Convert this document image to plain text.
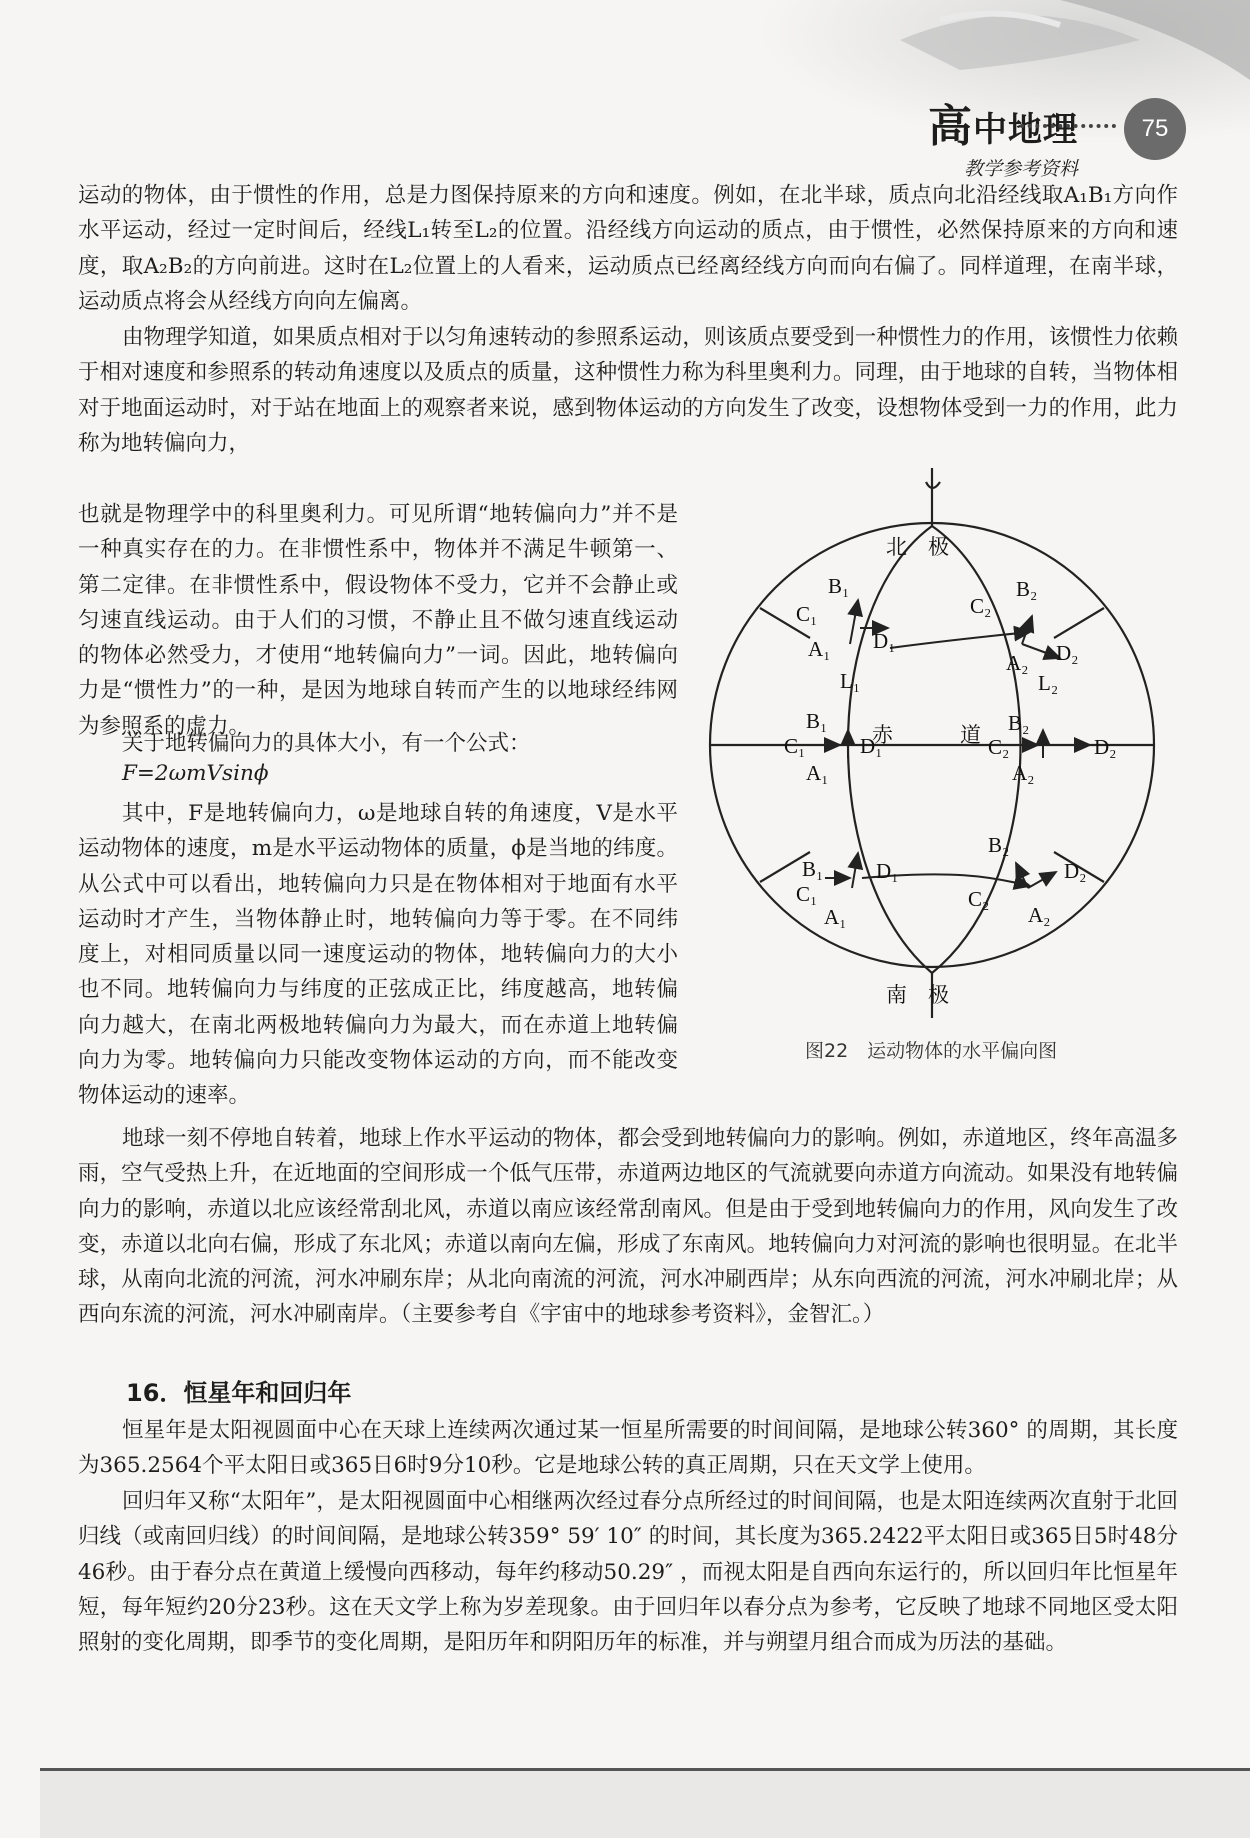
高中地理
教学参考资料
75

运动的物体，由于惯性的作用，总是力图保持原来的方向和速度。例如，在北半球，质点向北沿经线取A₁B₁方向作水平运动，经过一定时间后，经线L₁转至L₂的位置。沿经线方向运动的质点，由于惯性，必然保持原来的方向和速度，取A₂B₂的方向前进。这时在L₂位置上的人看来，运动质点已经离经线方向而向右偏了。同样道理，在南半球，运动质点将会从经线方向向左偏离。

由物理学知道，如果质点相对于以匀角速转动的参照系运动，则该质点要受到一种惯性力的作用，该惯性力依赖于相对速度和参照系的转动角速度以及质点的质量，这种惯性力称为科里奥利力。同理，由于地球的自转，当物体相对于地面运动时，对于站在地面上的观察者来说，感到物体运动的方向发生了改变，设想物体受到一力的作用，此力称为地转偏向力，

也就是物理学中的科里奥利力。可见所谓“地转偏向力”并不是一种真实存在的力。在非惯性系中，物体并不满足牛顿第一、第二定律。在非惯性系中，假设物体不受力，它并不会静止或匀速直线运动。由于人们的习惯，不静止且不做匀速直线运动的物体必然受力，才使用“地转偏向力”一词。因此，地转偏向力是“惯性力”的一种，是因为地球自转而产生的以地球经纬网为参照系的虚力。

关于地转偏向力的具体大小，有一个公式：

F=2ωmVsinϕ

其中，F是地转偏向力，ω是地球自转的角速度，V是水平运动物体的速度，m是水平运动物体的质量，ϕ是当地的纬度。从公式中可以看出，地转偏向力只是在物体相对于地面有水平运动时才产生，当物体静止时，地转偏向力等于零。在不同纬度上，对相同质量以同一速度运动的物体，地转偏向力的大小也不同。地转偏向力与纬度的正弦成正比，纬度越高，地转偏向力越大，在南北两极地转偏向力为最大，而在赤道上地转偏向力为零。地转偏向力只能改变物体运动的方向，而不能改变物体运动的速率。

地球一刻不停地自转着，地球上作水平运动的物体，都会受到地转偏向力的影响。例如，赤道地区，终年高温多雨，空气受热上升，在近地面的空间形成一个低气压带，赤道两边地区的气流就要向赤道方向流动。如果没有地转偏向力的影响，赤道以北应该经常刮北风，赤道以南应该经常刮南风。但是由于受到地转偏向力的作用，风向发生了改变，赤道以北向右偏，形成了东北风；赤道以南向左偏，形成了东南风。地转偏向力对河流的影响也很明显。在北半球，从南向北流的河流，河水冲刷东岸；从北向南流的河流，河水冲刷西岸；从东向西流的河流，河水冲刷北岸；从西向东流的河流，河水冲刷南岸。（主要参考自《宇宙中的地球参考资料》，金智汇。）

16．恒星年和回归年

恒星年是太阳视圆面中心在天球上连续两次通过某一恒星所需要的时间间隔，是地球公转360° 的周期，其长度为365.2564个平太阳日或365日6时9分10秒。它是地球公转的真正周期，只在天文学上使用。

回归年又称“太阳年”，是太阳视圆面中心相继两次经过春分点所经过的时间间隔，也是太阳连续两次直射于北回归线（或南回归线）的时间间隔，是地球公转359° 59′ 10″ 的时间，其长度为365.2422平太阳日或365日5时48分46秒。由于春分点在黄道上缓慢向西移动，每年约移动50.29″ ，而视太阳是自西向东运行的，所以回归年比恒星年短，每年短约20分23秒。这在天文学上称为岁差现象。由于回归年以春分点为参考，它反映了地球不同地区受太阳照射的变化周期，即季节的变化周期，是阳历年和阴阳历年的标准，并与朔望月组合而成为历法的基础。

北　极
南　极
赤	道
B₁
C₁
A₁ D₁
L₁
B₂
C₂
A₂ D₂
L₂
B₁
C₁
A₁
D₁
B₂
C₂
A₂
D₂
B₁
C₁
A₁
D₁
B₂
C₂
A₂
D₂
图22　运动物体的水平偏向图
